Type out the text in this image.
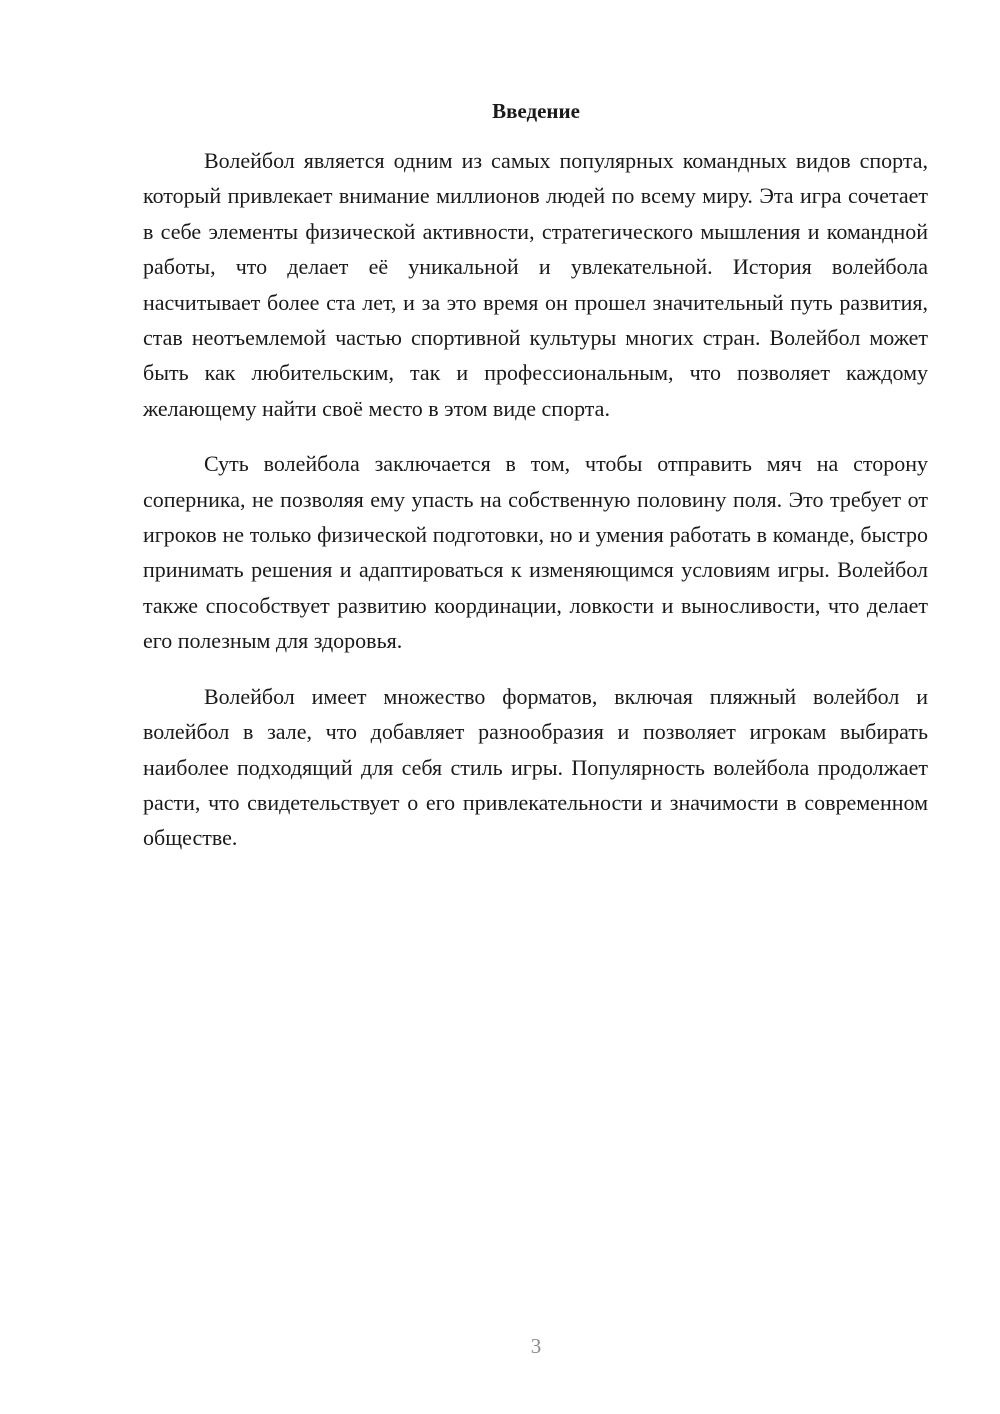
Введение

Волейбол является одним из самых популярных командных видов спорта, который привлекает внимание миллионов людей по всему миру. Эта игра сочетает в себе элементы физической активности, стратегического мышления и командной работы, что делает её уникальной и увлекательной. История волейбола насчитывает более ста лет, и за это время он прошел значительный путь развития, став неотъемлемой частью спортивной культуры многих стран. Волейбол может быть как любительским, так и профессиональным, что позволяет каждому желающему найти своё место в этом виде спорта.

Суть волейбола заключается в том, чтобы отправить мяч на сторону соперника, не позволяя ему упасть на собственную половину поля. Это требует от игроков не только физической подготовки, но и умения работать в команде, быстро принимать решения и адаптироваться к изменяющимся условиям игры. Волейбол также способствует развитию координации, ловкости и выносливости, что делает его полезным для здоровья.

Волейбол имеет множество форматов, включая пляжный волейбол и волейбол в зале, что добавляет разнообразия и позволяет игрокам выбирать наиболее подходящий для себя стиль игры. Популярность волейбола продолжает расти, что свидетельствует о его привлекательности и значимости в современном обществе.

3
